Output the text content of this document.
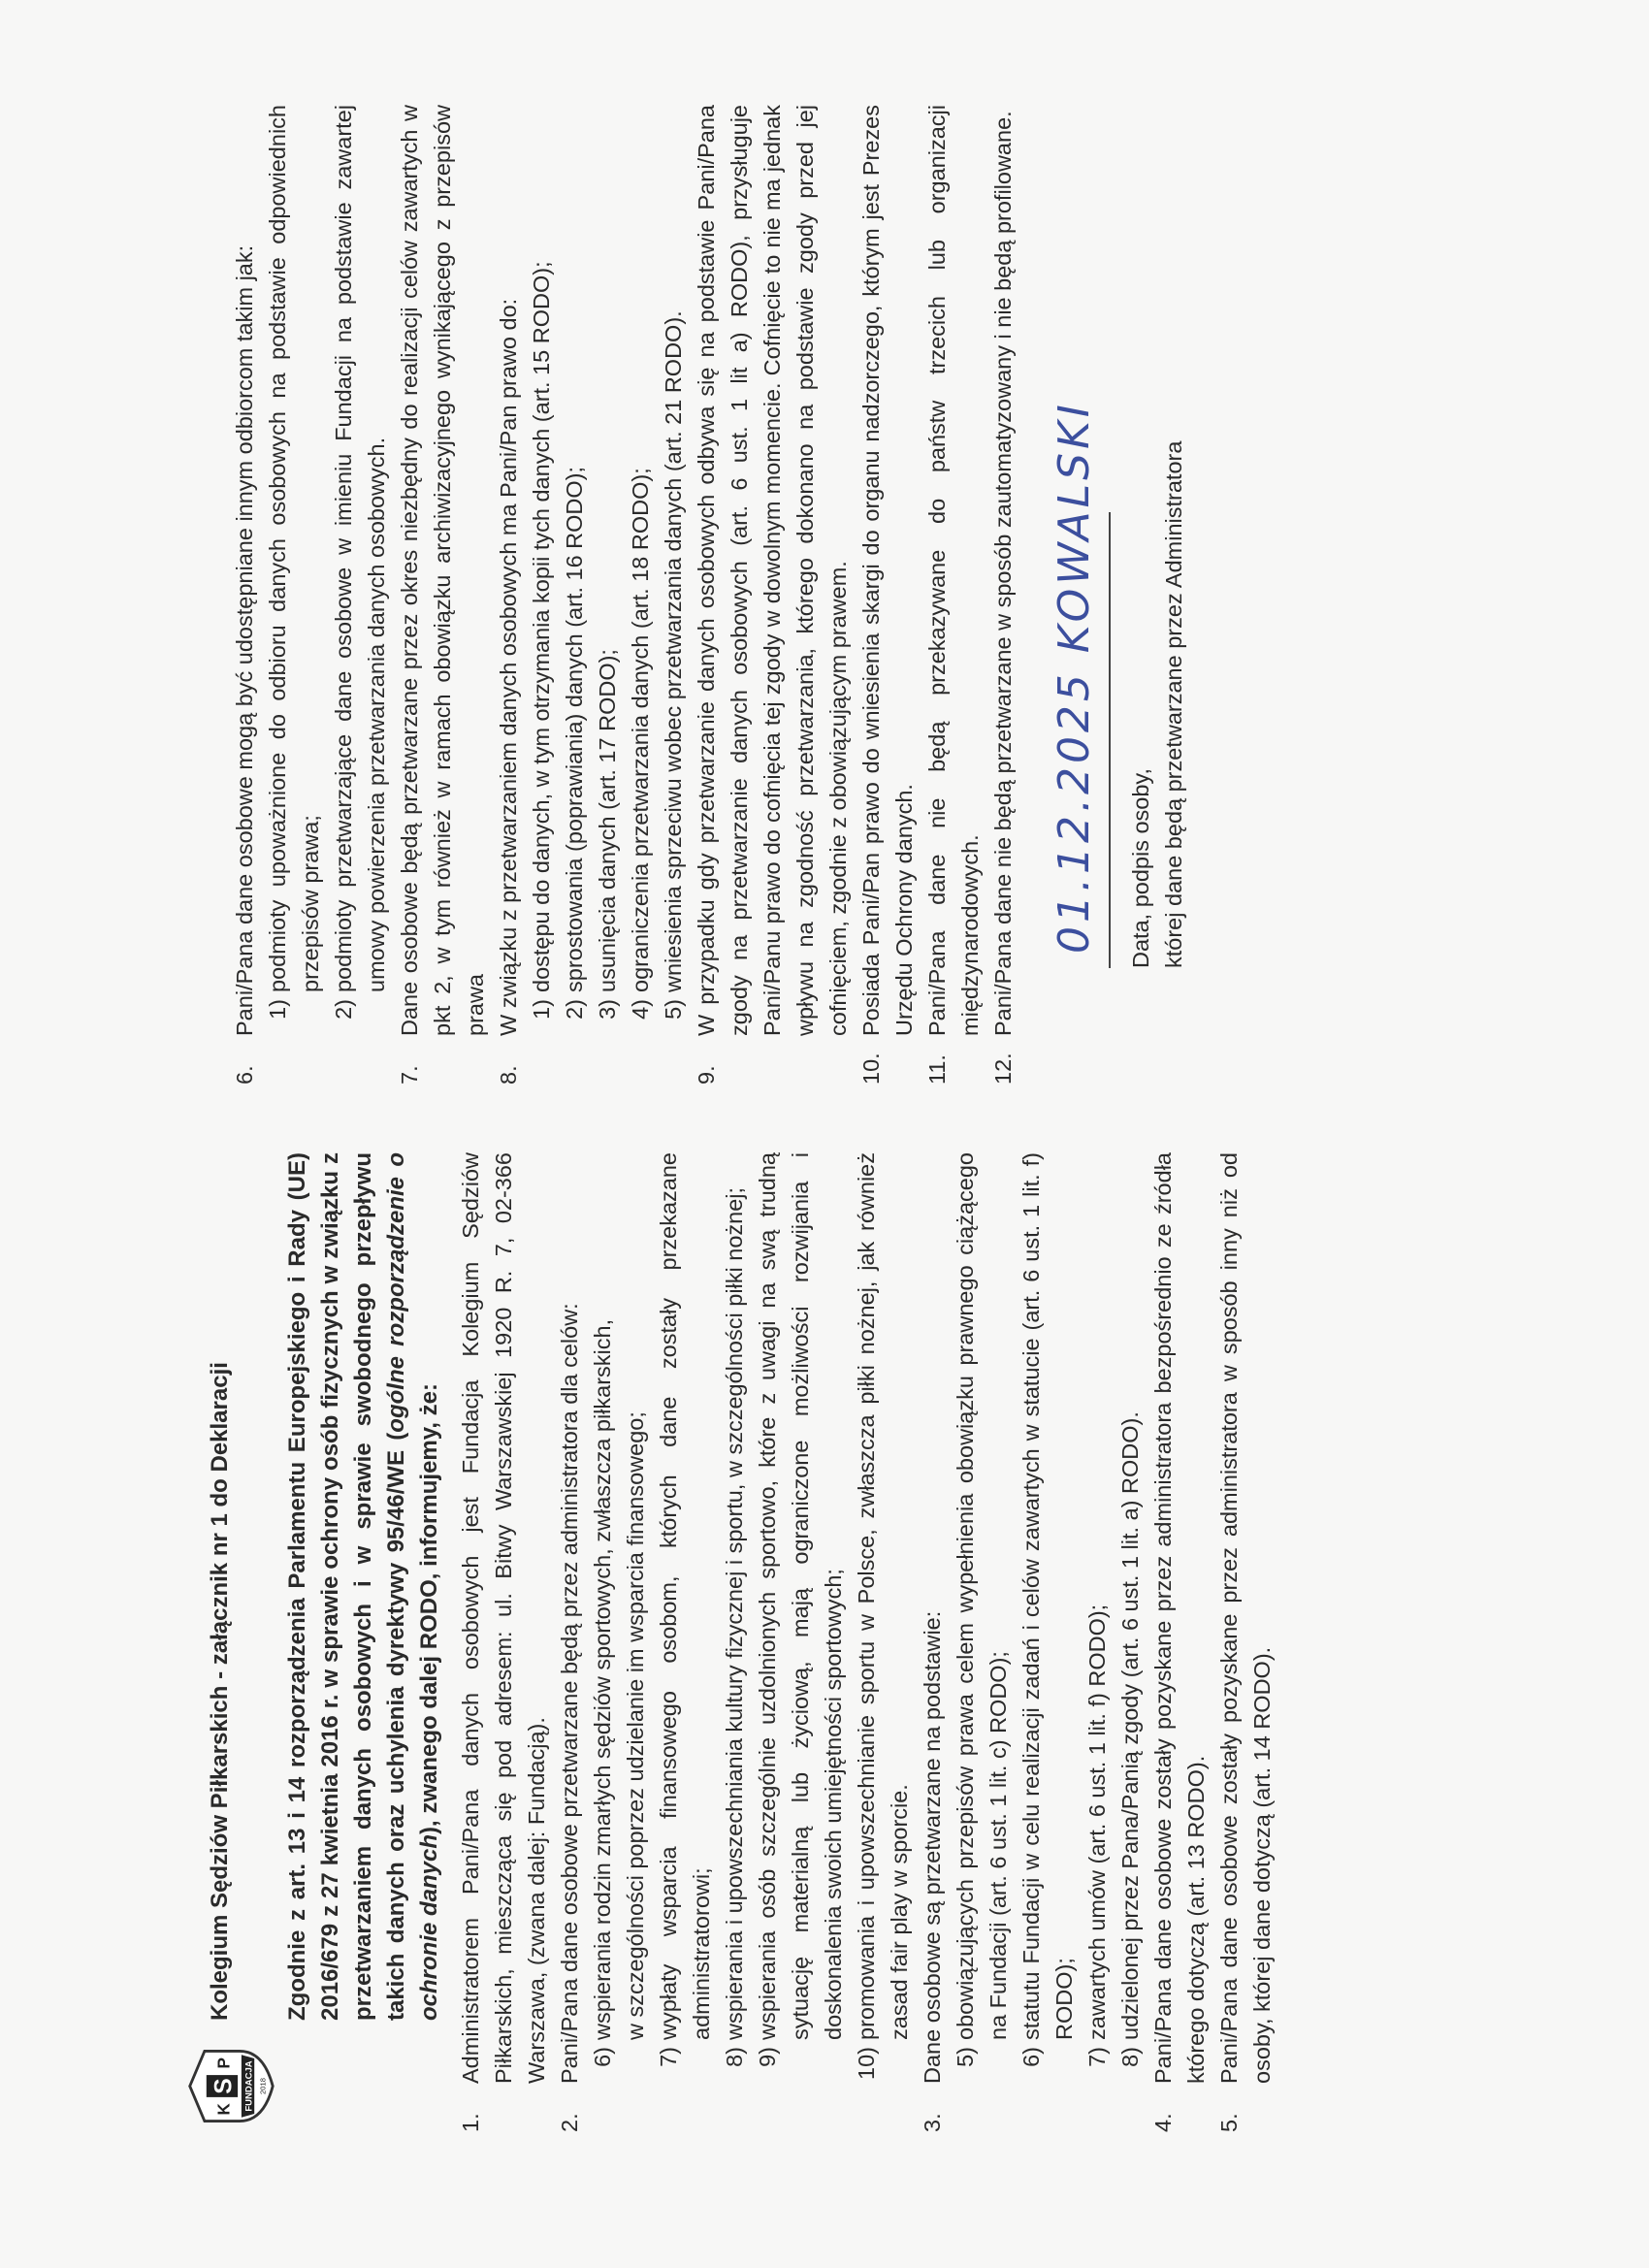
S
K
P FUNDACJA 2018
Kolegium Sędziów Piłkarskich - załącznik nr 1 do Deklaracji Zgodnie z art. 13 i 14 rozporządzenia Parlamentu Europejskiego i Rady (UE) 2016/679 z 27 kwietnia 2016 r. w sprawie ochrony osób fizycznych w związku z przetwarzaniem danych osobowych i w sprawie swobodnego przepływu takich danych oraz uchylenia dyrektywy 95/46/WE (ogólne rozporządzenie o ochronie danych), zwanego dalej RODO, informujemy, że:
1.
Administratorem Pani/Pana danych osobowych jest Fundacja Kolegium Sędziów Piłkarskich, mieszcząca się pod adresem: ul. Bitwy Warszawskiej 1920 R. 7, 02-366 Warszawa, (zwana dalej: Fundacją).
2.
Pani/Pana dane osobowe przetwarzane będą przez administratora dla celów: 6)
wspierania rodzin zmarłych sędziów sportowych, zwłaszcza piłkarskich, w szczególności poprzez udzielanie im wsparcia finansowego;
7)
wypłaty wsparcia finansowego osobom, których dane zostały przekazane administratorowi;
8)
wspierania i upowszechniania kultury fizycznej i sportu, w szczególności piłki nożnej;
9)
wspierania osób szczególnie uzdolnionych sportowo, które z uwagi na swą trudną sytuację materialną lub życiową, mają ograniczone możliwości rozwijania i doskonalenia swoich umiejętności sportowych;
10)
promowania i upowszechnianie sportu w Polsce, zwłaszcza piłki nożnej, jak również zasad fair play w sporcie.
3.
Dane osobowe są przetwarzane na podstawie: 5)
obowiązujących przepisów prawa celem wypełnienia obowiązku prawnego ciążącego na Fundacji (art. 6 ust. 1 lit. c) RODO);
6)
statutu Fundacji w celu realizacji zadań i celów zawartych w statucie (art. 6 ust. 1 lit. f) RODO);
7)
zawartych umów (art. 6 ust. 1 lit. f) RODO);
8)
udzielonej przez Pana/Panią zgody (art. 6 ust. 1 lit. a) RODO).
4.
Pani/Pana dane osobowe zostały pozyskane przez administratora bezpośrednio ze źródła którego dotyczą (art. 13 RODO).
5.
Pani/Pana dane osobowe zostały pozyskane przez administratora w sposób inny niż od osoby, której dane dotyczą (art. 14 RODO).
6.
Pani/Pana dane osobowe mogą być udostępniane innym odbiorcom takim jak: 1)
podmioty upoważnione do odbioru danych osobowych na podstawie odpowiednich przepisów prawa;
2)
podmioty przetwarzające dane osobowe w imieniu Fundacji na podstawie zawartej umowy powierzenia przetwarzania danych osobowych.
7.
Dane osobowe będą przetwarzane przez okres niezbędny do realizacji celów zawartych w pkt 2, w tym również w ramach obowiązku archiwizacyjnego wynikającego z przepisów prawa
8.
W związku z przetwarzaniem danych osobowych ma Pani/Pan prawo do: 1)
dostępu do danych, w tym otrzymania kopii tych danych (art. 15 RODO);
2)
sprostowania (poprawiania) danych (art. 16 RODO);
3)
usunięcia danych (art. 17 RODO);
4)
ograniczenia przetwarzania danych (art. 18 RODO);
5)
wniesienia sprzeciwu wobec przetwarzania danych (art. 21 RODO).
9.
W przypadku gdy przetwarzanie danych osobowych odbywa się na podstawie Pani/Pana zgody na przetwarzanie danych osobowych (art. 6 ust. 1 lit a) RODO), przysługuje Pani/Panu prawo do cofnięcia tej zgody w dowolnym momencie. Cofnięcie to nie ma jednak wpływu na zgodność przetwarzania, którego dokonano na podstawie zgody przed jej cofnięciem, zgodnie z obowiązującym prawem.
10.
Posiada Pani/Pan prawo do wniesienia skargi do organu nadzorczego, którym jest Prezes Urzędu Ochrony danych.
11.
Pani/Pana dane nie będą przekazywane do państw trzecich lub organizacji międzynarodowych.
12.
Pani/Pana dane nie będą przetwarzane w sposób zautomatyzowany i nie będą profilowane. 01.12.2025 KOWALSKI Data, podpis osoby, której dane będą przetwarzane przez Administratora
